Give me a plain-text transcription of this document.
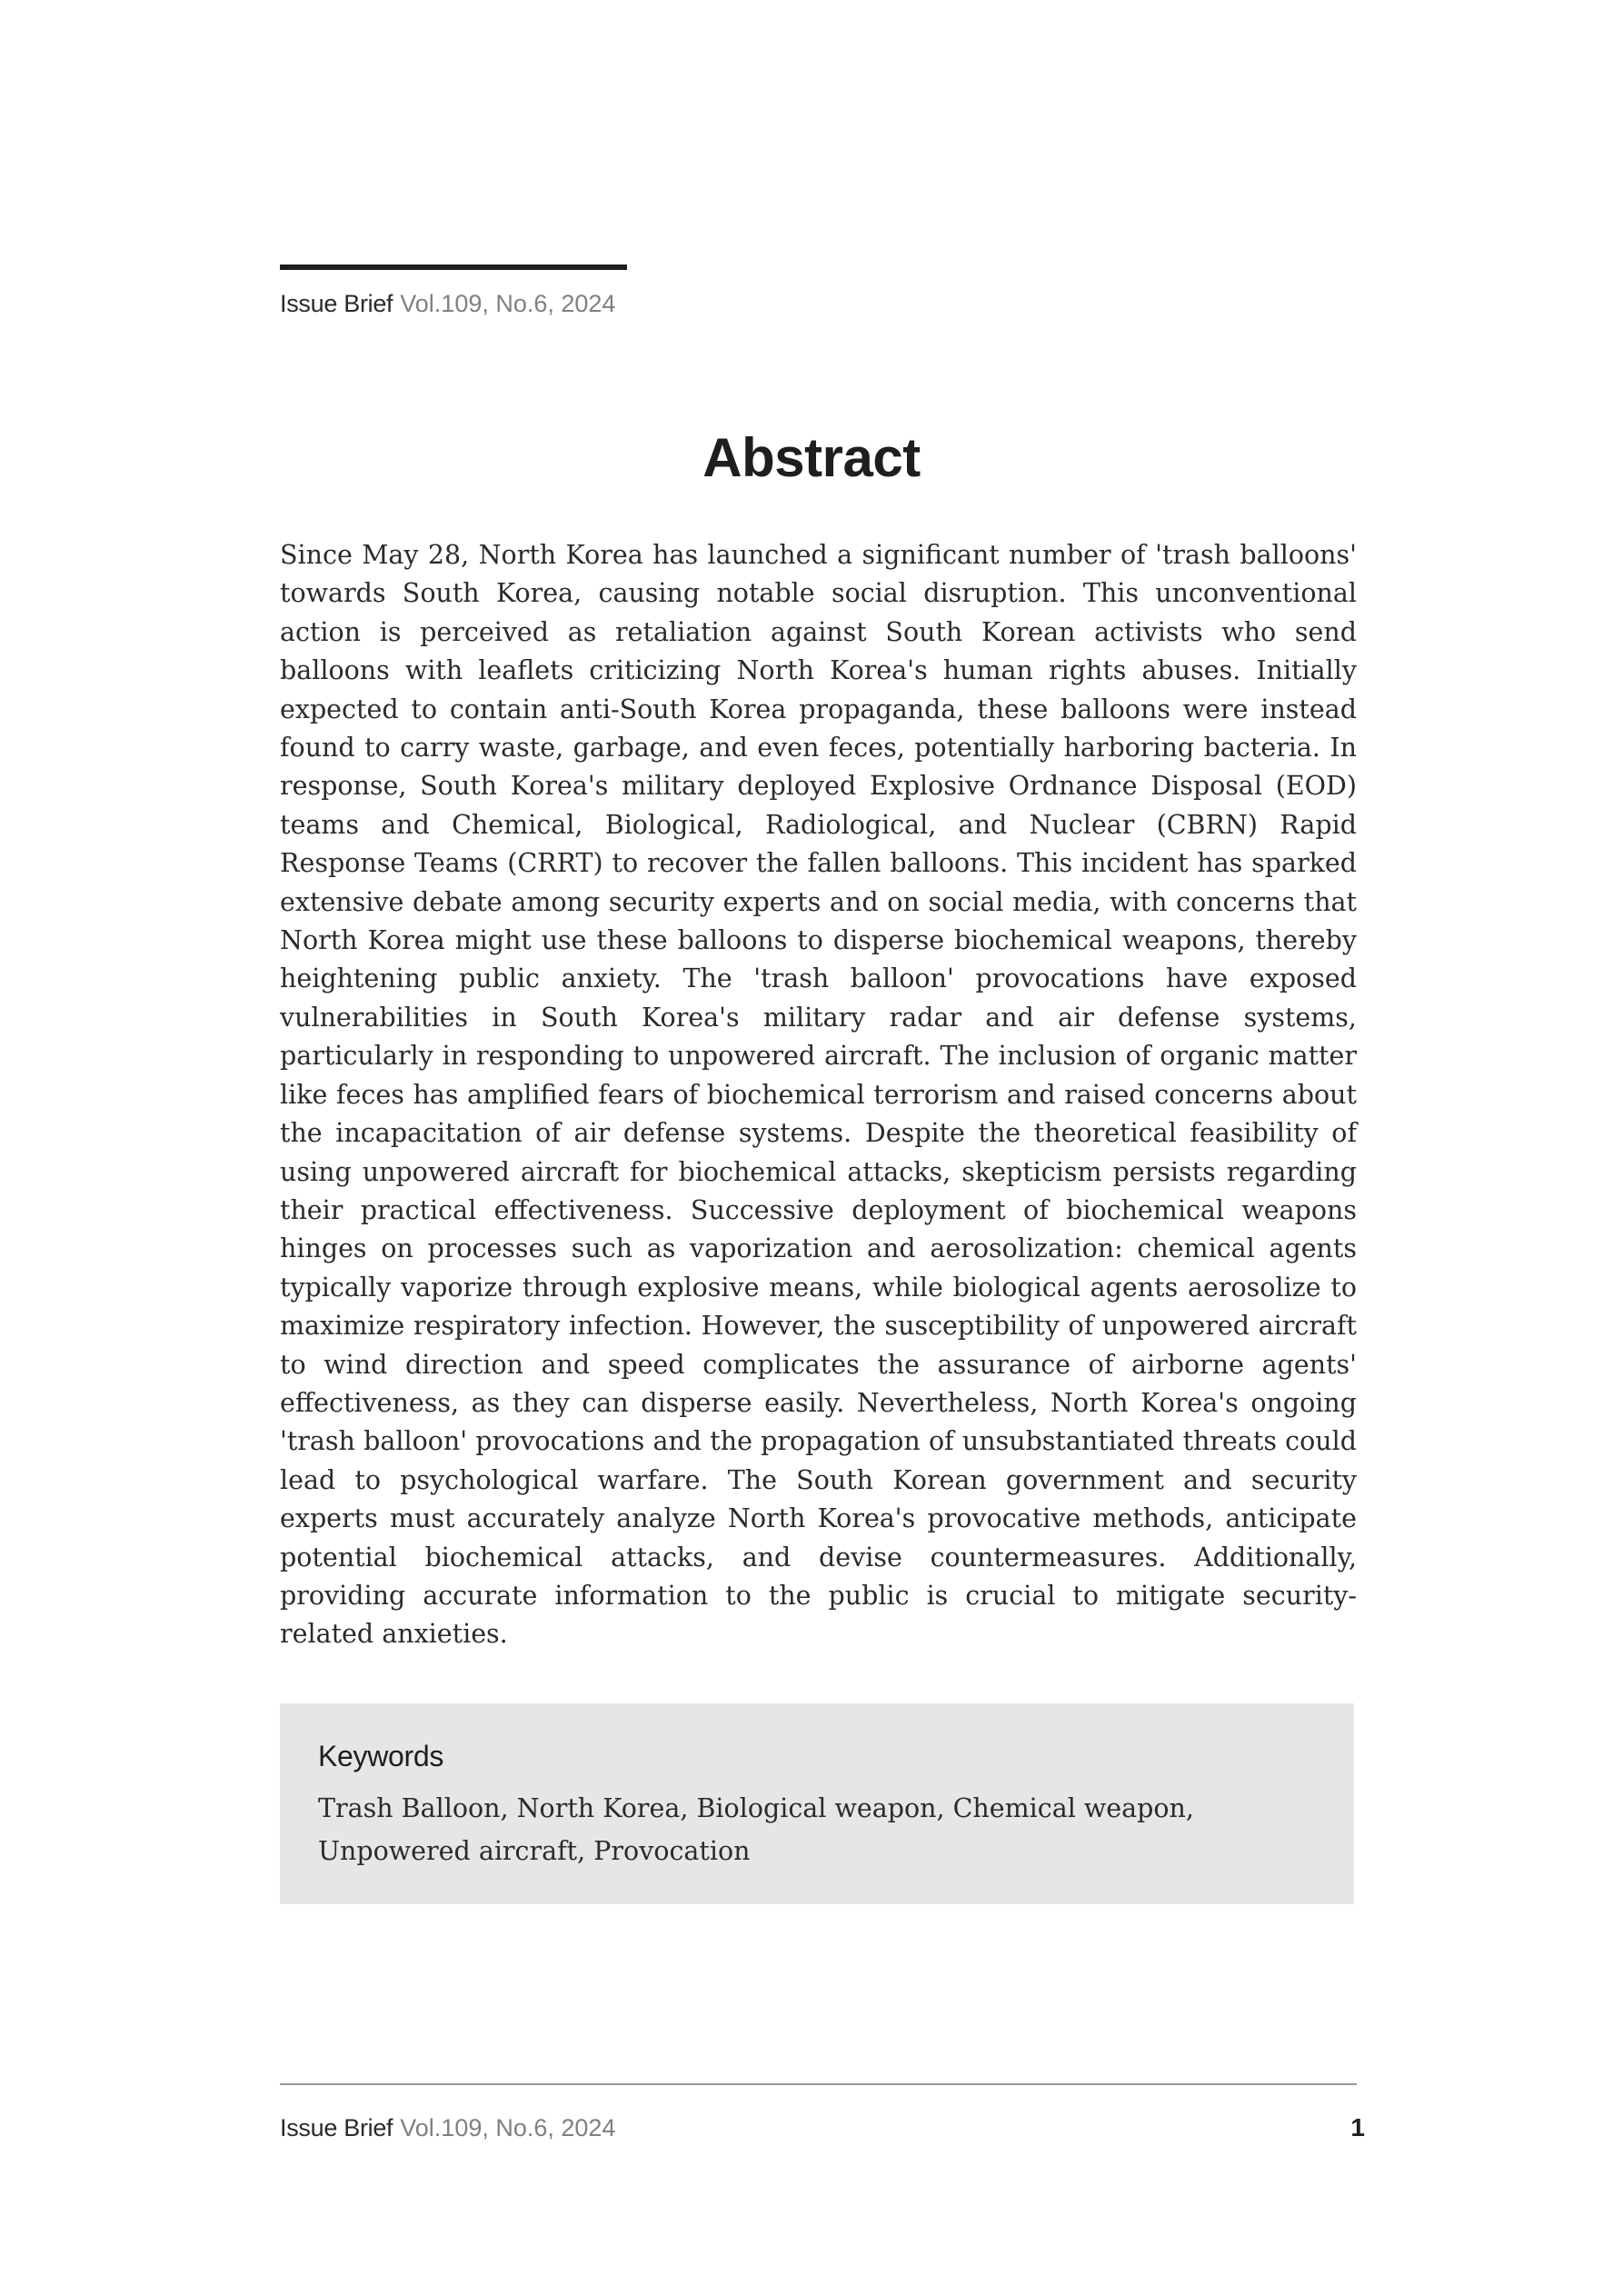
Issue Brief Vol.109, No.6, 2024
Abstract

Since May 28, North Korea has launched a significant number of 'trash balloons' towards South Korea, causing notable social disruption. This unconventional action is perceived as retaliation against South Korean activists who send balloons with leaflets criticizing North Korea's human rights abuses. Initially expected to contain anti-South Korea propaganda, these balloons were instead found to carry waste, garbage, and even feces, potentially harboring bacteria. In response, South Korea's military deployed Explosive Ordnance Disposal (EOD) teams and Chemical, Biological, Radiological, and Nuclear (CBRN) Rapid Response Teams (CRRT) to recover the fallen balloons. This incident has sparked extensive debate among security experts and on social media, with concerns that North Korea might use these balloons to disperse biochemical weapons, thereby heightening public anxiety. The 'trash balloon' provocations have exposed vulnerabilities in South Korea's military radar and air defense systems, particularly in responding to unpowered aircraft. The inclusion of organic matter like feces has amplified fears of biochemical terrorism and raised concerns about the incapacitation of air defense systems. Despite the theoretical feasibility of using unpowered aircraft for biochemical attacks, skepticism persists regarding their practical effectiveness. Successive deployment of biochemical weapons hinges on processes such as vaporization and aerosolization: chemical agents typically vaporize through explosive means, while biological agents aerosolize to maximize respiratory infection. However, the susceptibility of unpowered aircraft to wind direction and speed complicates the assurance of airborne agents' effectiveness, as they can disperse easily. Nevertheless, North Korea's ongoing 'trash balloon' provocations and the propagation of unsubstantiated threats could lead to psychological warfare. The South Korean government and security experts must accurately analyze North Korea's provocative methods, anticipate potential biochemical attacks, and devise countermeasures. Additionally, providing accurate information to the public is crucial to mitigate security-related anxieties.

Keywords

Trash Balloon, North Korea, Biological weapon, Chemical weapon, Unpowered aircraft, Provocation

Issue Brief Vol.109, No.6, 2024	1
